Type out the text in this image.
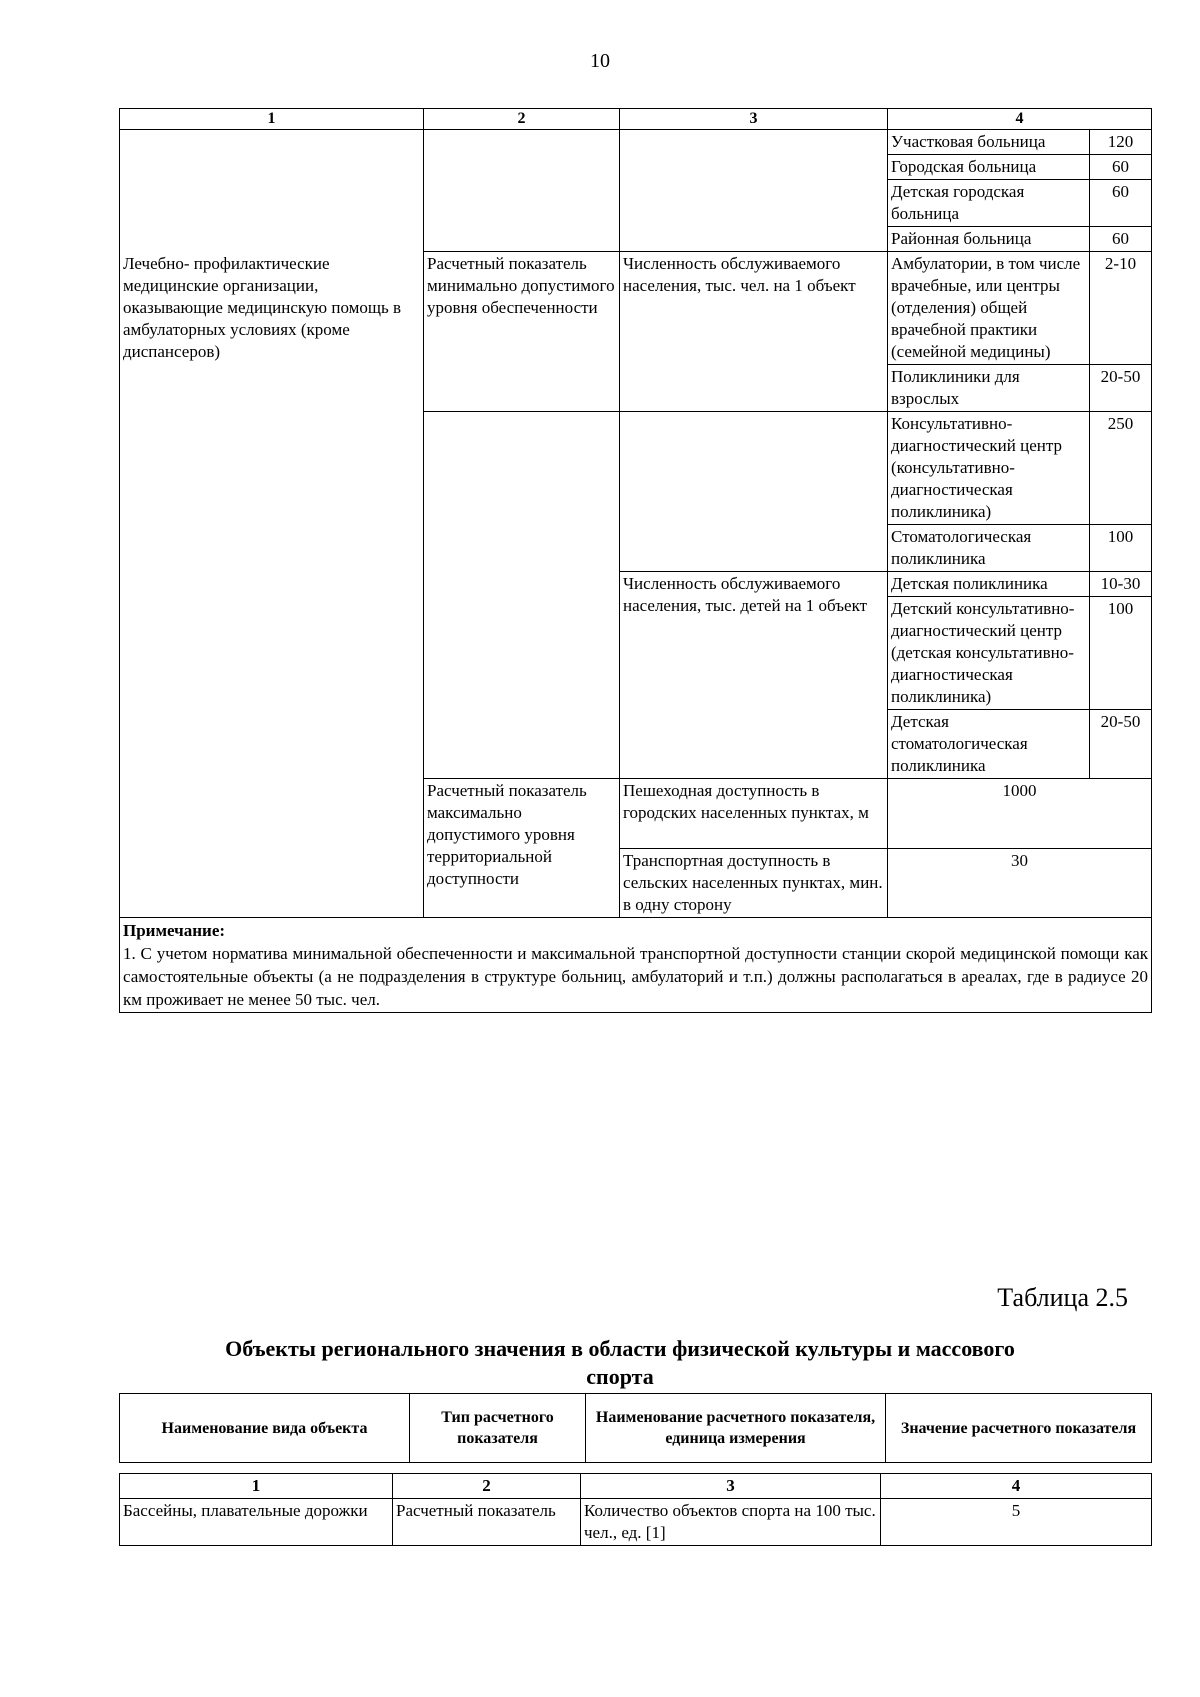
10
1	2	3	4	
			Участковая больница	120
			Городская больница	60
			Детская городская больница	60
			Районная больница	60
Лечебно- профилактические медицинские организации, оказывающие медицинскую помощь в амбулаторных условиях (кроме диспансеров)	Расчетный показатель минимально допустимого уровня обеспеченности	Численность обслуживаемого населения, тыс. чел. на 1 объект	Амбулатории, в том числе врачебные, или центры (отделения) общей врачебной практики (семейной медицины)	2-10
			Поликлиники для взрослых	20-50
			Консультативно-диагностический центр (консультативно-диагностическая поликлиника)	250
			Стоматологическая поликлиника	100
		Численность обслуживаемого населения, тыс. детей на 1 объект	Детская поликлиника	10-30
			Детский консультативно-диагностический центр (детская консультативно-диагностическая поликлиника)	100
			Детская стоматологическая поликлиника	20-50
	Расчетный показатель максимально допустимого уровня территориальной доступности	Пешеходная доступность в городских населенных пунктах, м	1000	
		Транспортная доступность в сельских населенных пунктах, мин. в одну сторону	30	

Примечание:
1. С учетом норматива минимальной обеспеченности и максимальной транспортной доступности станции скорой медицинской помощи как самостоятельные объекты (а не подразделения в структуре больниц, амбулаторий и т.п.) должны располагаться в ареалах, где в радиусе 20 км проживает не менее 50 тыс. чел.				
Таблица 2.5
Объекты регионального значения в области физической культуры и массового спорта
Наименование вида объекта	Тип расчетного показателя	Наименование расчетного показателя, единица измерения	Значение расчетного показателя
1	2	3	4
Бассейны, плавательные дорожки	Расчетный показатель	Количество объектов спорта на 100 тыс. чел., ед. [1]	5
